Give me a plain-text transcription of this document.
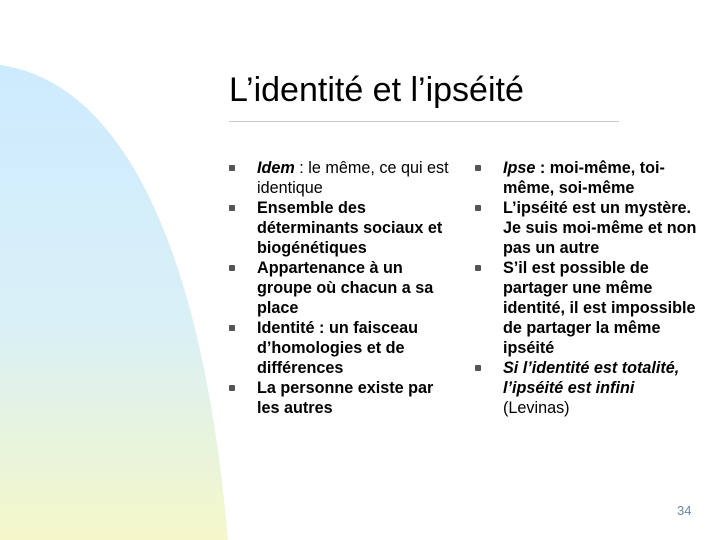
L’identité et l’ipséité
Idem : le même, ce qui est identique
Ensemble des déterminants sociaux et biogénétiques
Appartenance à un groupe où chacun a sa place
Identité : un faisceau d’homologies et de différences
La personne existe par les autres
Ipse : moi-même, toi-même, soi-même
L’ipséité est un mystère. Je suis moi-même et non pas un autre
S’il est possible de partager une même identité, il est impossible de partager la même ipséité
Si l’identité est totalité, l’ipséité est infini (Levinas)
34
